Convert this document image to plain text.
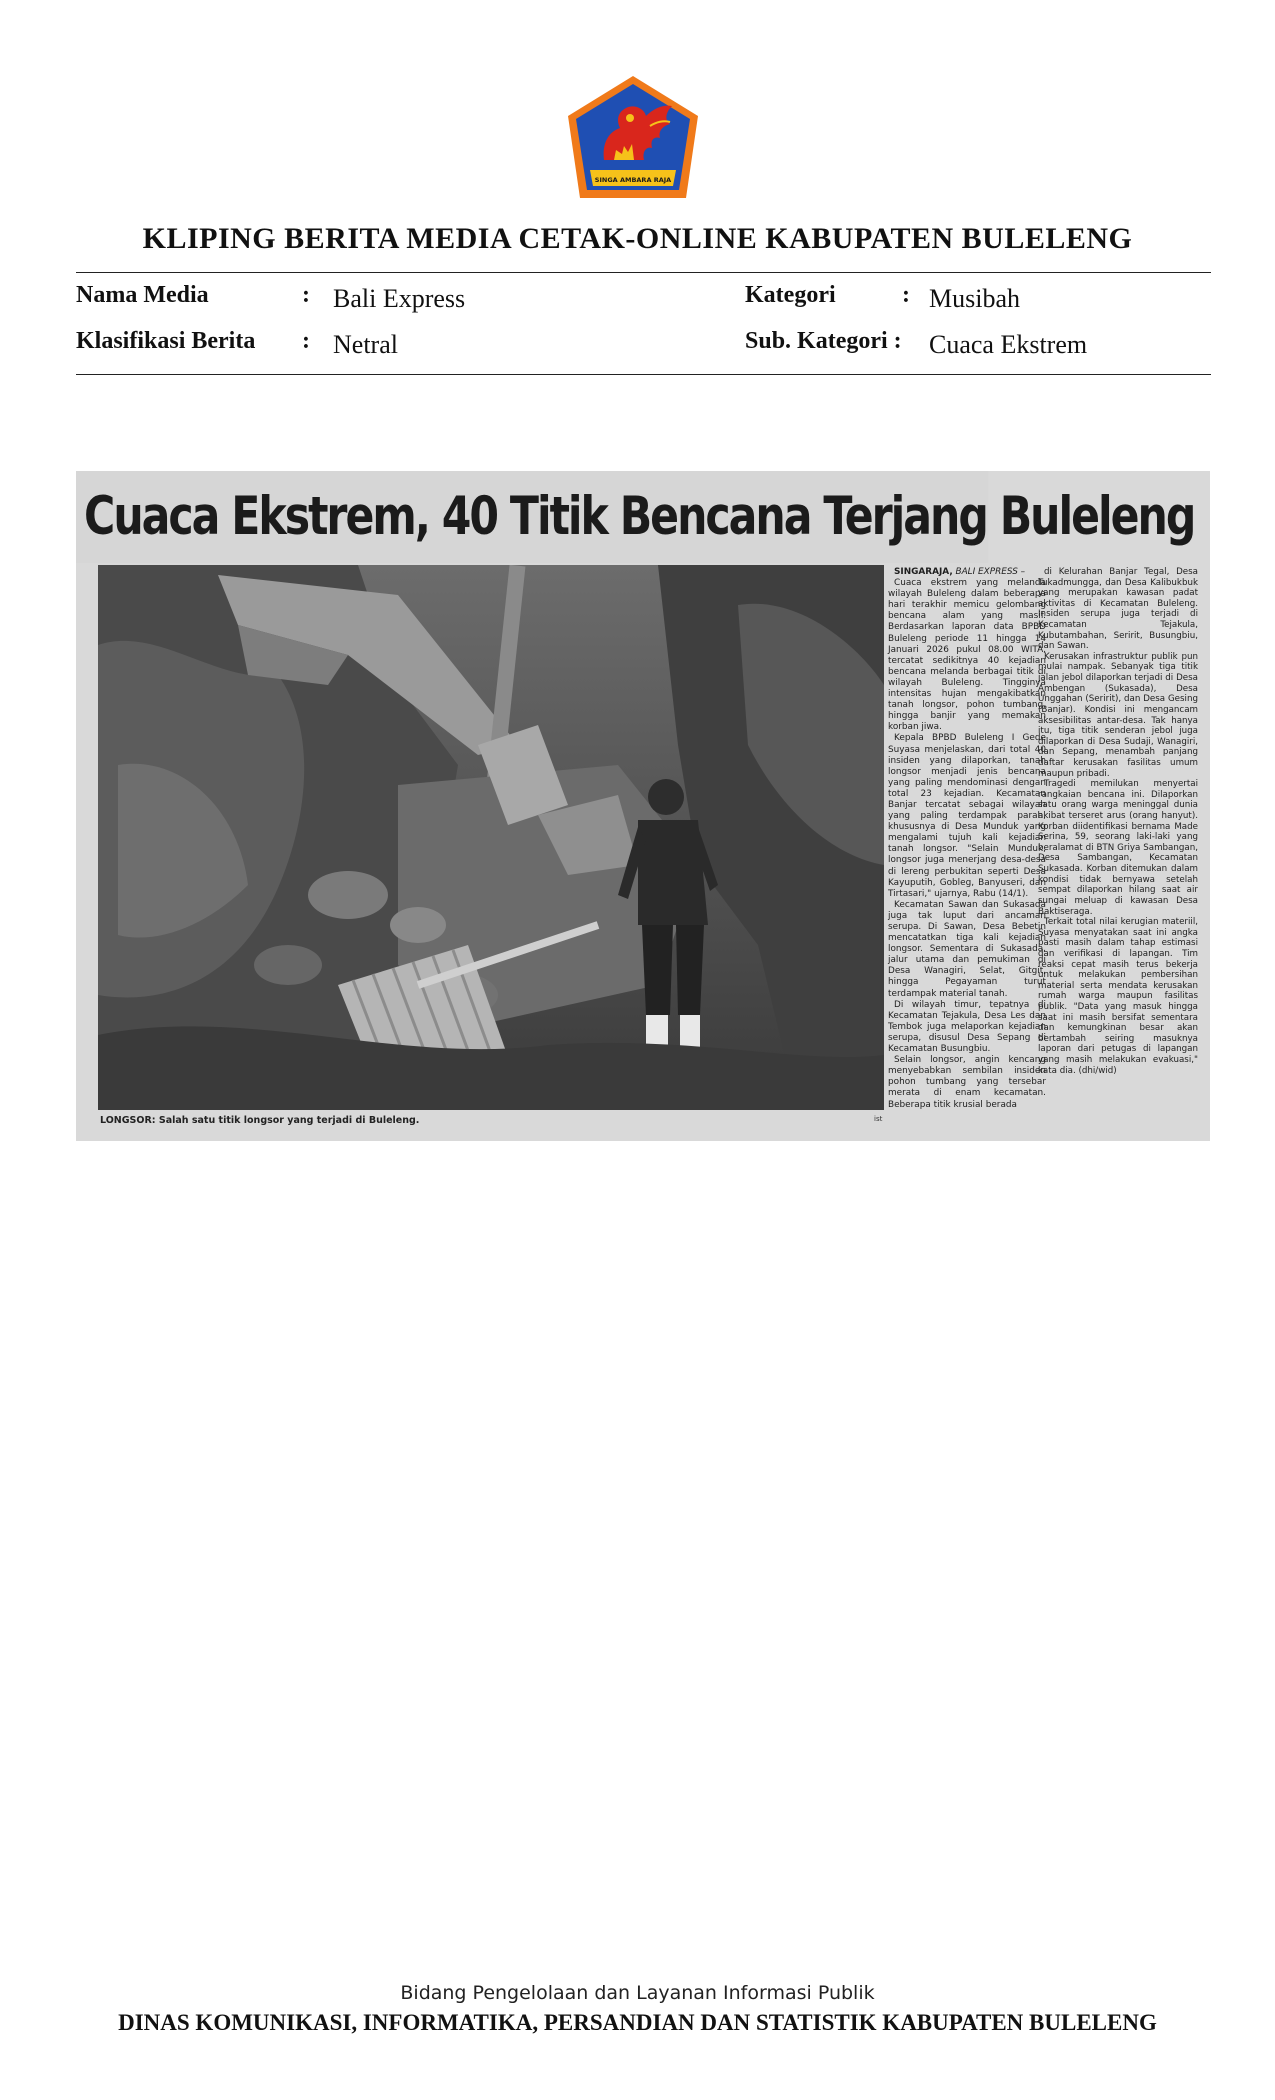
SINGA AMBARA RAJA
KLIPING BERITA MEDIA CETAK-ONLINE KABUPATEN BULELENG
Nama Media	: Bali Express	Kategori	: Musibah
Klasifikasi Berita : Netral	Sub. Kategori : Cuaca Ekstrem
Cuaca Ekstrem, 40 Titik Bencana Terjang Buleleng
LONGSOR: Salah satu titik longsor yang terjadi di Buleleng.	ist

SINGARAJA, BALI EXPRESS –

Cuaca ekstrem yang melanda wilayah Buleleng dalam beberapa hari terakhir memicu gelombang bencana alam yang masif. Berdasarkan laporan data BPBD Buleleng periode 11 hingga 14 Januari 2026 pukul 08.00 WITA, tercatat sedikitnya 40 kejadian bencana melanda berbagai titik di wilayah Buleleng. Tingginya intensitas hujan mengakibatkan tanah longsor, pohon tumbang, hingga banjir yang memakan korban jiwa.

Kepala BPBD Buleleng I Gede Suyasa menjelaskan, dari total 40 insiden yang dilaporkan, tanah longsor menjadi jenis bencana yang paling mendominasi dengan total 23 kejadian. Kecamatan Banjar tercatat sebagai wilayah yang paling terdampak parah, khususnya di Desa Munduk yang mengalami tujuh kali kejadian tanah longsor. "Selain Munduk, longsor juga menerjang desa-desa di lereng perbukitan seperti Desa Kayuputih, Gobleg, Banyuseri, dan Tirtasari," ujarnya, Rabu (14/1).

Kecamatan Sawan dan Sukasada juga tak luput dari ancaman serupa. Di Sawan, Desa Bebetin mencatatkan tiga kali kejadian longsor. Sementara di Sukasada, jalur utama dan pemukiman di Desa Wanagiri, Selat, Gitgit, hingga Pegayaman turut terdampak material tanah.

Di wilayah timur, tepatnya di Kecamatan Tejakula, Desa Les dan Tembok juga melaporkan kejadian serupa, disusul Desa Sepang di Kecamatan Busungbiu.

Selain longsor, angin kencang menyebabkan sembilan insiden pohon tumbang yang tersebar merata di enam kecamatan. Beberapa titik krusial berada

di Kelurahan Banjar Tegal, Desa Tukadmungga, dan Desa Kalibukbuk yang merupakan kawasan padat aktivitas di Kecamatan Buleleng. Insiden serupa juga terjadi di Kecamatan Tejakula, Kubutambahan, Seririt, Busungbiu, dan Sawan.

Kerusakan infrastruktur publik pun mulai nampak. Sebanyak tiga titik jalan jebol dilaporkan terjadi di Desa Ambengan (Sukasada), Desa Unggahan (Seririt), dan Desa Gesing (Banjar). Kondisi ini mengancam aksesibilitas antar-desa. Tak hanya itu, tiga titik senderan jebol juga dilaporkan di Desa Sudaji, Wanagiri, dan Sepang, menambah panjang daftar kerusakan fasilitas umum maupun pribadi.

Tragedi memilukan menyertai rangkaian bencana ini. Dilaporkan satu orang warga meninggal dunia akibat terseret arus (orang hanyut). Korban diidentifikasi bernama Made Serina, 59, seorang laki-laki yang beralamat di BTN Griya Sambangan, Desa Sambangan, Kecamatan Sukasada. Korban ditemukan dalam kondisi tidak bernyawa setelah sempat dilaporkan hilang saat air sungai meluap di kawasan Desa Baktiseraga.

Terkait total nilai kerugian materiil, Suyasa menyatakan saat ini angka pasti masih dalam tahap estimasi dan verifikasi di lapangan. Tim reaksi cepat masih terus bekerja untuk melakukan pembersihan material serta mendata kerusakan rumah warga maupun fasilitas publik. "Data yang masuk hingga saat ini masih bersifat sementara dan kemungkinan besar akan bertambah seiring masuknya laporan dari petugas di lapangan yang masih melakukan evakuasi," kata dia. (dhi/wid)

Bidang Pengelolaan dan Layanan Informasi Publik
DINAS KOMUNIKASI, INFORMATIKA, PERSANDIAN DAN STATISTIK KABUPATEN BULELENG
